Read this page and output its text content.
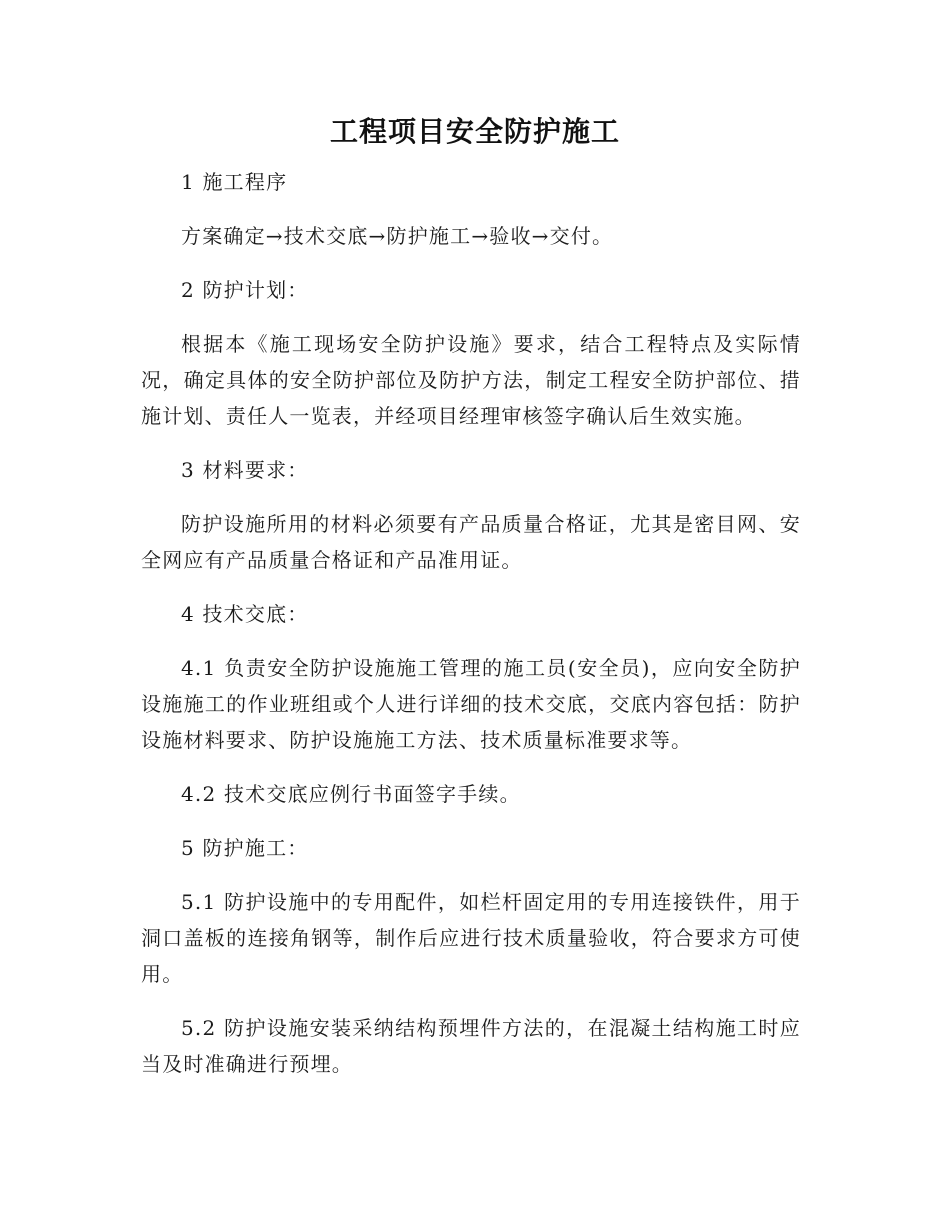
工程项目安全防护施工

1 施工程序

方案确定→技术交底→防护施工→验收→交付。

2 防护计划：

根据本《施工现场安全防护设施》要求，结合工程特点及实际情况，确定具体的安全防护部位及防护方法，制定工程安全防护部位、措施计划、责任人一览表，并经项目经理审核签字确认后生效实施。

3 材料要求：

防护设施所用的材料必须要有产品质量合格证，尤其是密目网、安全网应有产品质量合格证和产品准用证。

4 技术交底：

4.1 负责安全防护设施施工管理的施工员(安全员)，应向安全防护设施施工的作业班组或个人进行详细的技术交底，交底内容包括：防护设施材料要求、防护设施施工方法、技术质量标准要求等。

4.2 技术交底应例行书面签字手续。

5 防护施工：

5.1 防护设施中的专用配件，如栏杆固定用的专用连接铁件，用于洞口盖板的连接角钢等，制作后应进行技术质量验收，符合要求方可使用。

5.2 防护设施安装采纳结构预埋件方法的，在混凝土结构施工时应当及时准确进行预埋。
